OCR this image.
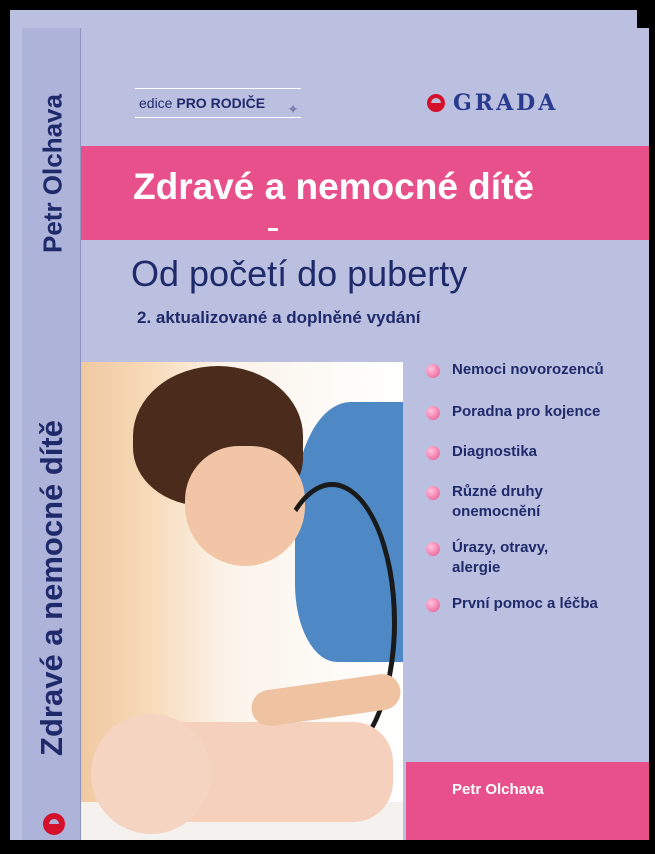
Petr Olchava
Zdravé a nemocné dítě
edice PRO RODIČE ✦	GRADA
Zdravé a nemocné dítě
Od početí do puberty
2. aktualizované a doplněné vydání
Nemoci novorozenců
Poradna pro kojence
Diagnostika
Různé druhy onemocnění
Úrazy, otravy, alergie
První pomoc a léčba
Petr Olchava
